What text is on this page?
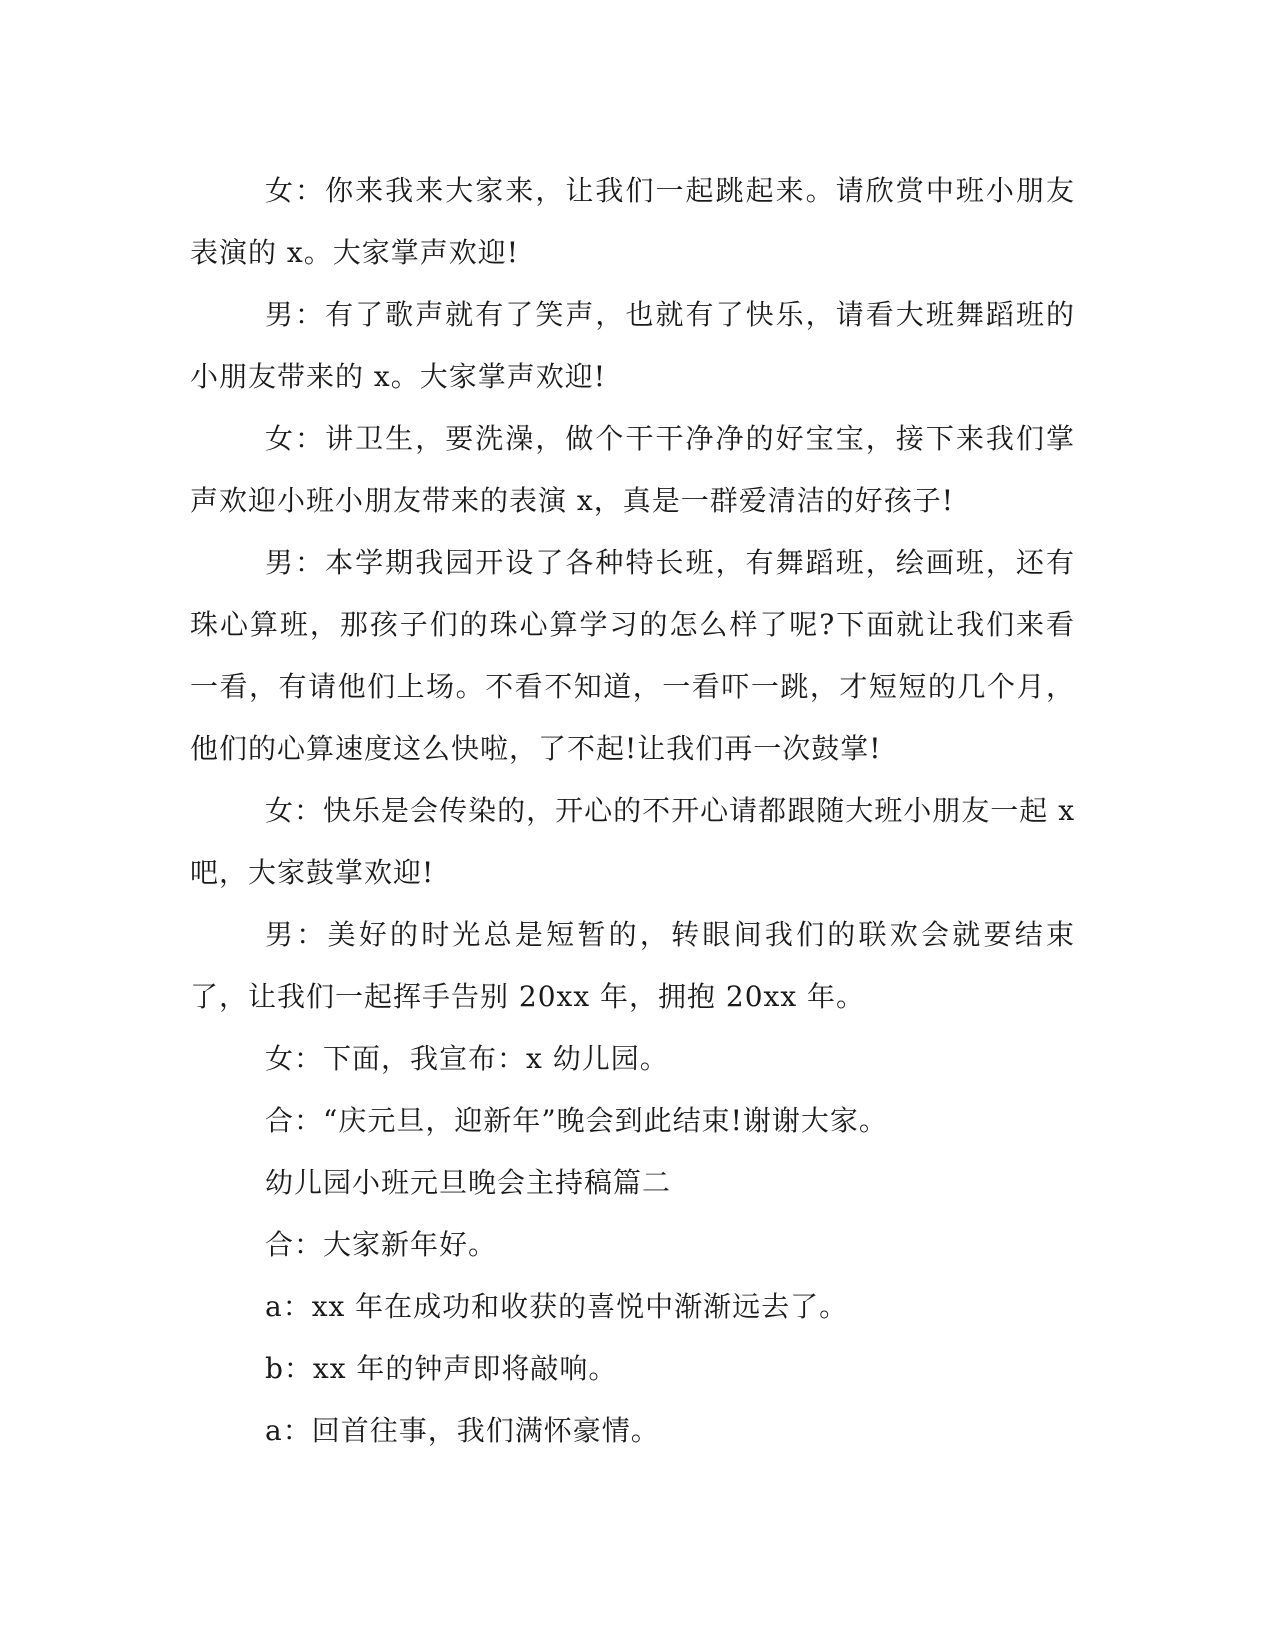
女：你来我来大家来，让我们一起跳起来。请欣赏中班小朋友表演的 x。大家掌声欢迎!

男：有了歌声就有了笑声，也就有了快乐，请看大班舞蹈班的小朋友带来的 x。大家掌声欢迎!

女：讲卫生，要洗澡，做个干干净净的好宝宝，接下来我们掌声欢迎小班小朋友带来的表演 x，真是一群爱清洁的好孩子!

男：本学期我园开设了各种特长班，有舞蹈班，绘画班，还有珠心算班，那孩子们的珠心算学习的怎么样了呢?下面就让我们来看一看，有请他们上场。不看不知道，一看吓一跳，才短短的几个月，他们的心算速度这么快啦，了不起!让我们再一次鼓掌!

女：快乐是会传染的，开心的不开心请都跟随大班小朋友一起 x 吧，大家鼓掌欢迎!

男：美好的时光总是短暂的，转眼间我们的联欢会就要结束了，让我们一起挥手告别 20xx 年，拥抱 20xx 年。

女：下面，我宣布：x 幼儿园。

合：“庆元旦，迎新年”晚会到此结束!谢谢大家。

幼儿园小班元旦晚会主持稿篇二

合：大家新年好。

a：xx 年在成功和收获的喜悦中渐渐远去了。

b：xx 年的钟声即将敲响。

a：回首往事，我们满怀豪情。
